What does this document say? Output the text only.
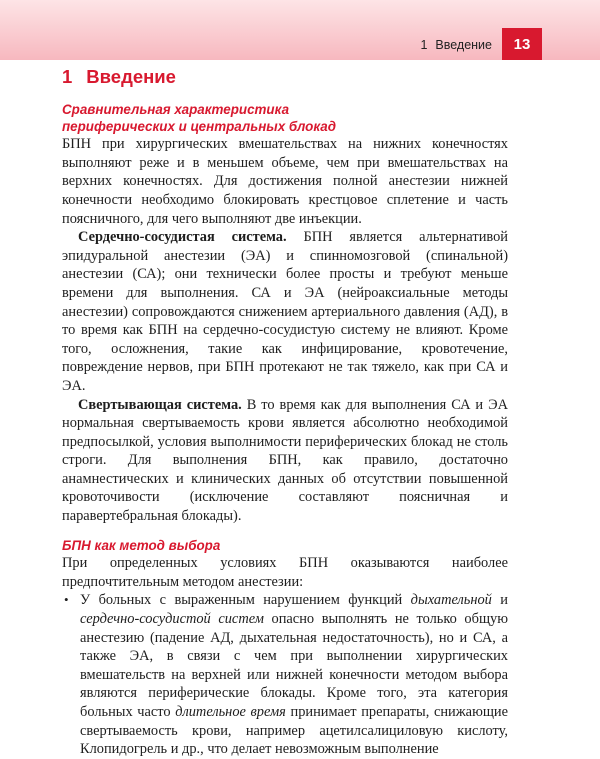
1 Введение	13
1 Введение
Сравнительная характеристика
периферических и центральных блокад

БПН при хирургических вмешательствах на нижних конечностях выполняют реже и в меньшем объеме, чем при вмешательствах на верхних конечностях. Для достижения полной анестезии нижней конечности необходимо блокировать крестцовое сплетение и часть поясничного, для чего выполняют две инъекции.

Сердечно-сосудистая система. БПН является альтернативой эпидуральной анестезии (ЭА) и спинномозговой (спинальной) анестезии (СА); они технически более просты и требуют меньше времени для выполнения. СА и ЭА (нейроаксиальные методы анестезии) сопровождаются снижением артериального давления (АД), в то время как БПН на сердечно-сосудистую систему не влияют. Кроме того, осложнения, такие как инфицирование, кровотечение, повреждение нервов, при БПН протекают не так тяжело, как при СА и ЭА.

Свертывающая система. В то время как для выполнения СА и ЭА нормальная свертываемость крови является абсолютно необходимой предпосылкой, условия выполнимости периферических блокад не столь строги. Для выполнения БПН, как правило, достаточно анамнестических и клинических данных об отсутствии повышенной кровоточивости (исключение составляют поясничная и паравертебральная блокады).

БПН как метод выбора

При определенных условиях БПН оказываются наиболее предпочтительным методом анестезии:

• У больных с выраженным нарушением функций дыхательной и сердечно-сосудистой систем опасно выполнять не только общую анестезию (падение АД, дыхательная недостаточность), но и СА, а также ЭА, в связи с чем при выполнении хирургических вмешательств на верхней или нижней конечности методом выбора являются периферические блокады. Кроме того, эта категория больных часто длительное время принимает препараты, снижающие свертываемость крови, например ацетилсалициловую кислоту, Клопидогрель и др., что делает невозможным выполнение
